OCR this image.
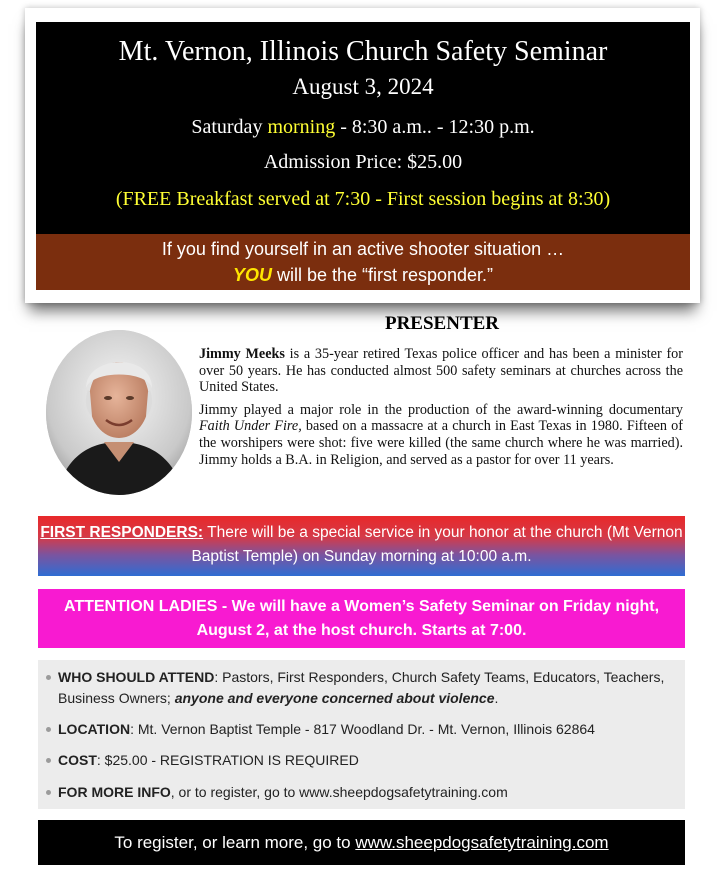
Mt. Vernon, Illinois Church Safety Seminar
August 3, 2024
Saturday morning - 8:30 a.m.. - 12:30 p.m.
Admission Price: $25.00
(FREE Breakfast served at 7:30 - First session begins at 8:30)
If you find yourself in an active shooter situation …
YOU will be the “first responder.”
PRESENTER

Jimmy Meeks is a 35-year retired Texas police officer and has been a minister for over 50 years. He has conducted almost 500 safety seminars at churches across the United States.

Jimmy played a major role in the production of the award-winning documentary Faith Under Fire, based on a massacre at a church in East Texas in 1980. Fifteen of the worshipers were shot: five were killed (the same church where he was married). Jimmy holds a B.A. in Religion, and served as a pastor for over 11 years.

FIRST RESPONDERS: There will be a special service in your honor at the church (Mt Vernon Baptist Temple) on Sunday morning at 10:00 a.m.
ATTENTION LADIES - We will have a Women’s Safety Seminar on Friday night, August 2, at the host church. Starts at 7:00.
WHO SHOULD ATTEND: Pastors, First Responders, Church Safety Teams, Educators, Teachers, Business Owners; anyone and everyone concerned about violence.
LOCATION: Mt. Vernon Baptist Temple - 817 Woodland Dr. - Mt. Vernon, Illinois 62864
COST: $25.00 - REGISTRATION IS REQUIRED
FOR MORE INFO, or to register, go to www.sheepdogsafetytraining.com
To register, or learn more, go to www.sheepdogsafetytraining.com
